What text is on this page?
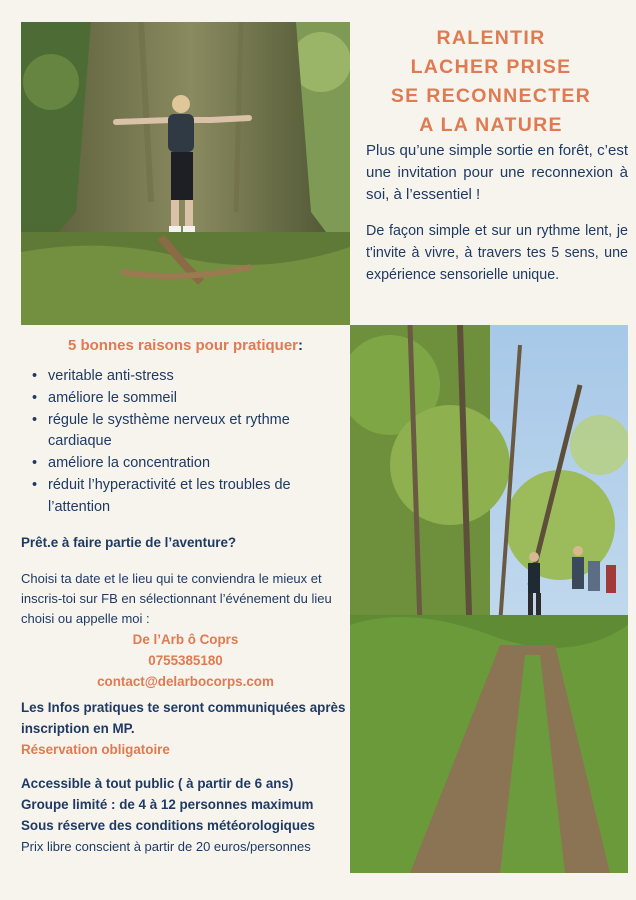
RALENTIR
LACHER PRISE
SE RECONNECTER
A LA NATURE

Plus qu’une simple sortie en forêt, c’est une invitation pour une reconnexion à soi, à l’essentiel !

De façon simple et sur un rythme lent, je t'invite à vivre, à travers tes 5 sens, une expérience sensorielle unique.

5 bonnes raisons pour pratiquer:
• veritable anti-stress
• améliore le sommeil
• régule le systhème nerveux et rythme cardiaque
• améliore la concentration
• réduit l’hyperactivité et les troubles de l’attention

Prêt.e à faire partie de l’aventure?

Choisi ta date et le lieu qui te conviendra le mieux et inscris-toi sur FB en sélectionnant l’événement du lieu choisi ou appelle moi :

De l’Arb ô Coprs
0755385180
contact@delarbocorps.com

Les Infos pratiques te seront communiquées après inscription en MP.

Réservation obligatoire

Accessible à tout public ( à partir de 6 ans)
Groupe limité : de 4 à 12 personnes maximum
Sous réserve des conditions météorologiques

Prix libre conscient à partir de 20 euros/personnes
